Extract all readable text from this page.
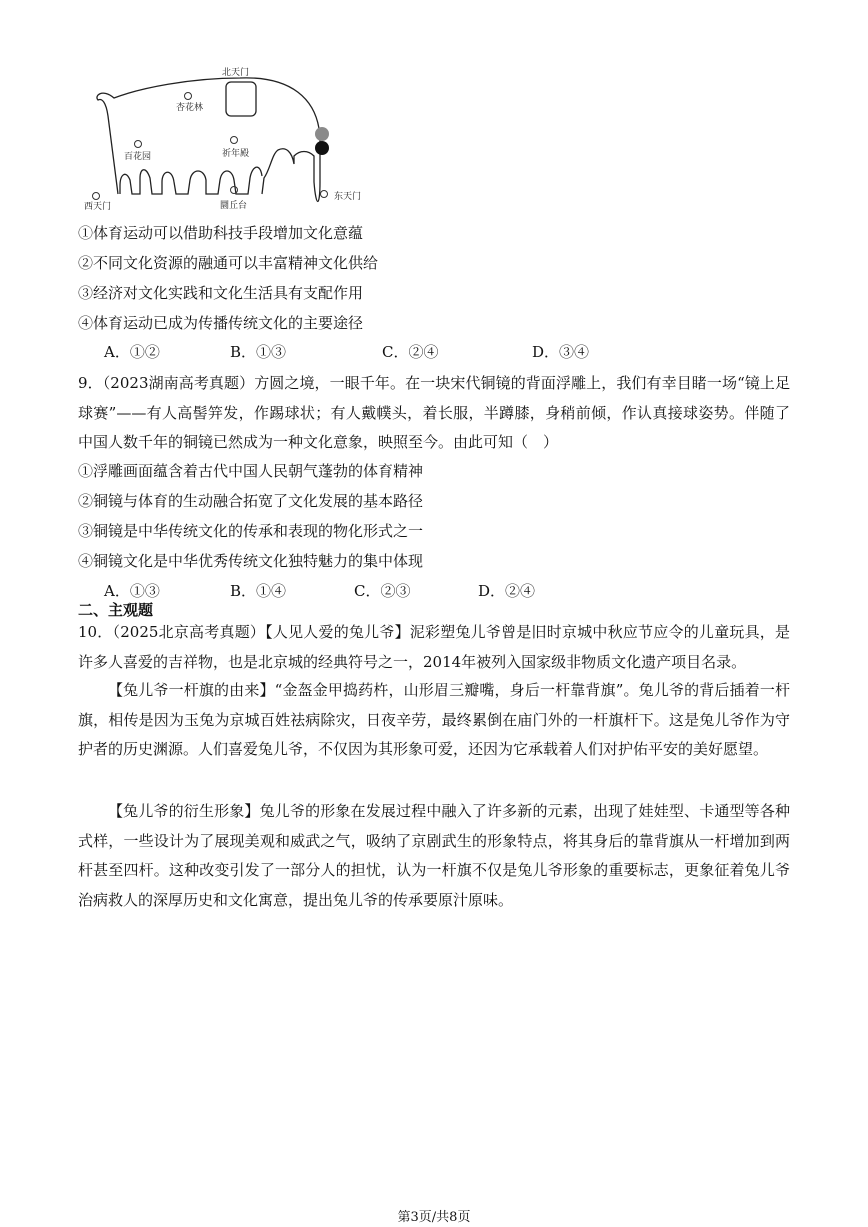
北天门
杏花林
百花园	祈年殿
西天门	圜丘台
东天门
①体育运动可以借助科技手段增加文化意蕴
②不同文化资源的融通可以丰富精神文化供给
③经济对文化实践和文化生活具有支配作用
④体育运动已成为传播传统文化的主要途径
A．①②	B．①③	C．②④	D．③④
9．（2023湖南高考真题）方圆之境，一眼千年。在一块宋代铜镜的背面浮雕上，我们有幸目睹一场“镜上足球赛”——有人高髻笄发，作踢球状；有人戴幞头，着长服，半蹲膝，身稍前倾，作认真接球姿势。伴随了中国人数千年的铜镜已然成为一种文化意象，映照至今。由此可知（　）
①浮雕画面蕴含着古代中国人民朝气蓬勃的体育精神
②铜镜与体育的生动融合拓宽了文化发展的基本路径
③铜镜是中华传统文化的传承和表现的物化形式之一
④铜镜文化是中华优秀传统文化独特魅力的集中体现
A．①③	B．①④	C．②③	D．②④
二、主观题
10．（2025北京高考真题）【人见人爱的兔儿爷】泥彩塑兔儿爷曾是旧时京城中秋应节应令的儿童玩具，是许多人喜爱的吉祥物，也是北京城的经典符号之一，2014年被列入国家级非物质文化遗产项目名录。
【兔儿爷一杆旗的由来】“金盔金甲捣药杵，山形眉三瓣嘴，身后一杆靠背旗”。兔儿爷的背后插着一杆旗，相传是因为玉兔为京城百姓祛病除灾，日夜辛劳，最终累倒在庙门外的一杆旗杆下。这是兔儿爷作为守护者的历史渊源。人们喜爱兔儿爷，不仅因为其形象可爱，还因为它承载着人们对护佑平安的美好愿望。
【兔儿爷的衍生形象】兔儿爷的形象在发展过程中融入了许多新的元素，出现了娃娃型、卡通型等各种式样，一些设计为了展现美观和威武之气，吸纳了京剧武生的形象特点，将其身后的靠背旗从一杆增加到两杆甚至四杆。这种改变引发了一部分人的担忧，认为一杆旗不仅是兔儿爷形象的重要标志，更象征着兔儿爷治病救人的深厚历史和文化寓意，提出兔儿爷的传承要原汁原味。
第3页/共8页
